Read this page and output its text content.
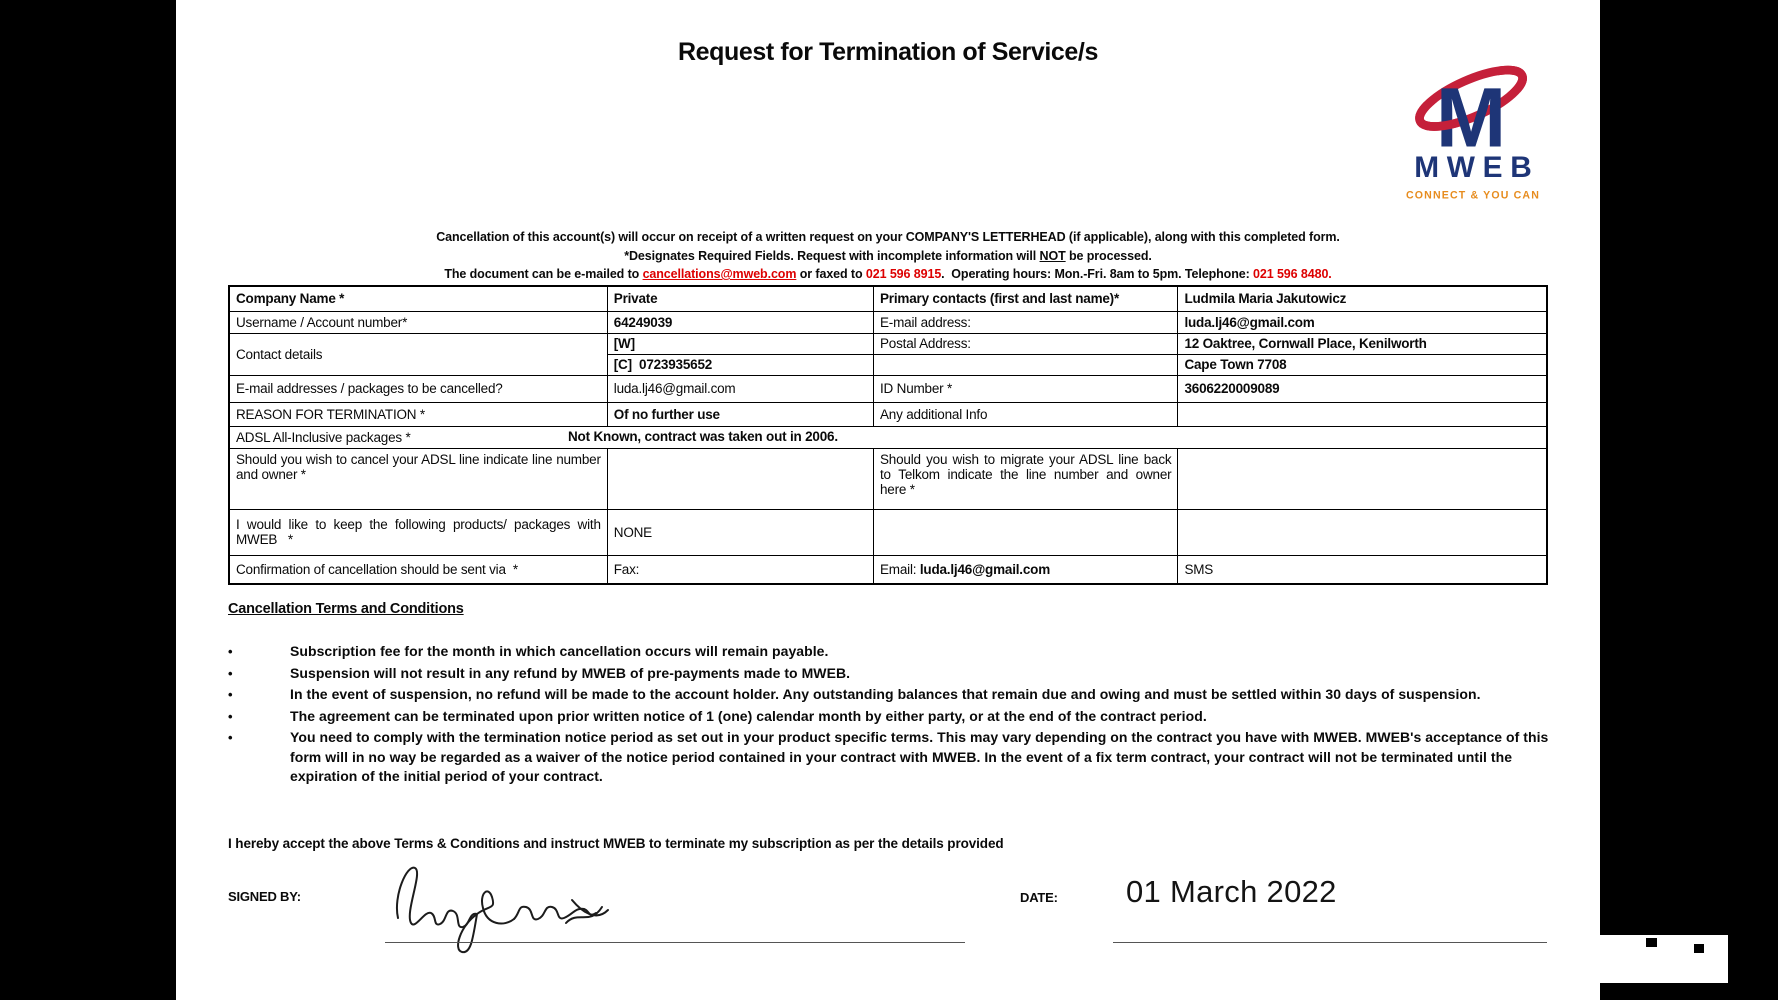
Request for Termination of Service/s
M
MWEB
CONNECT & YOU CAN
Cancellation of this account(s) will occur on receipt of a written request on your COMPANY'S LETTERHEAD (if applicable), along with this completed form.
*Designates Required Fields. Request with incomplete information will NOT be processed.
The document can be e-mailed to cancellations@mweb.com or faxed to 021 596 8915.  Operating hours: Mon.-Fri. 8am to 5pm. Telephone: 021 596 8480.
Company Name *	Private	Primary contacts (first and last name)*	Ludmila Maria Jakutowicz
Username / Account number*	64249039	E-mail address:	luda.lj46@gmail.com
Contact details	[W]	Postal Address:	12 Oaktree, Cornwall Place, Kenilworth
	[C]  0723935652		Cape Town 7708
E-mail addresses / packages to be cancelled?	luda.lj46@gmail.com	ID Number *	3606220009089
REASON FOR TERMINATION *	Of no further use	Any additional Info	
ADSL All-Inclusive packages * Not Known, contract was taken out in 2006.			

Should you wish to cancel your ADSL line indicate line number and owner *		Should you wish to migrate your ADSL line back to Telkom indicate the line number and owner here *	
I would like to keep the following products/ packages with MWEB   *	NONE		
Confirmation of cancellation should be sent via  *	Fax:	Email: luda.lj46@gmail.com	SMS
Cancellation Terms and Conditions
•	Subscription fee for the month in which cancellation occurs will remain payable.
•	Suspension will not result in any refund by MWEB of pre-payments made to MWEB.
•	In the event of suspension, no refund will be made to the account holder. Any outstanding balances that remain due and owing and must be settled within 30 days of suspension.
•	The agreement can be terminated upon prior written notice of 1 (one) calendar month by either party, or at the end of the contract period.
•	You need to comply with the termination notice period as set out in your product specific terms. This may vary depending on the contract you have with MWEB. MWEB's acceptance of this form will in no way be regarded as a waiver of the notice period contained in your contract with MWEB. In the event of a fix term contract, your contract will not be terminated until the expiration of the initial period of your contract.
I hereby accept the above Terms & Conditions and instruct MWEB to terminate my subscription as per the details provided
SIGNED BY:	DATE: 01 March 2022
